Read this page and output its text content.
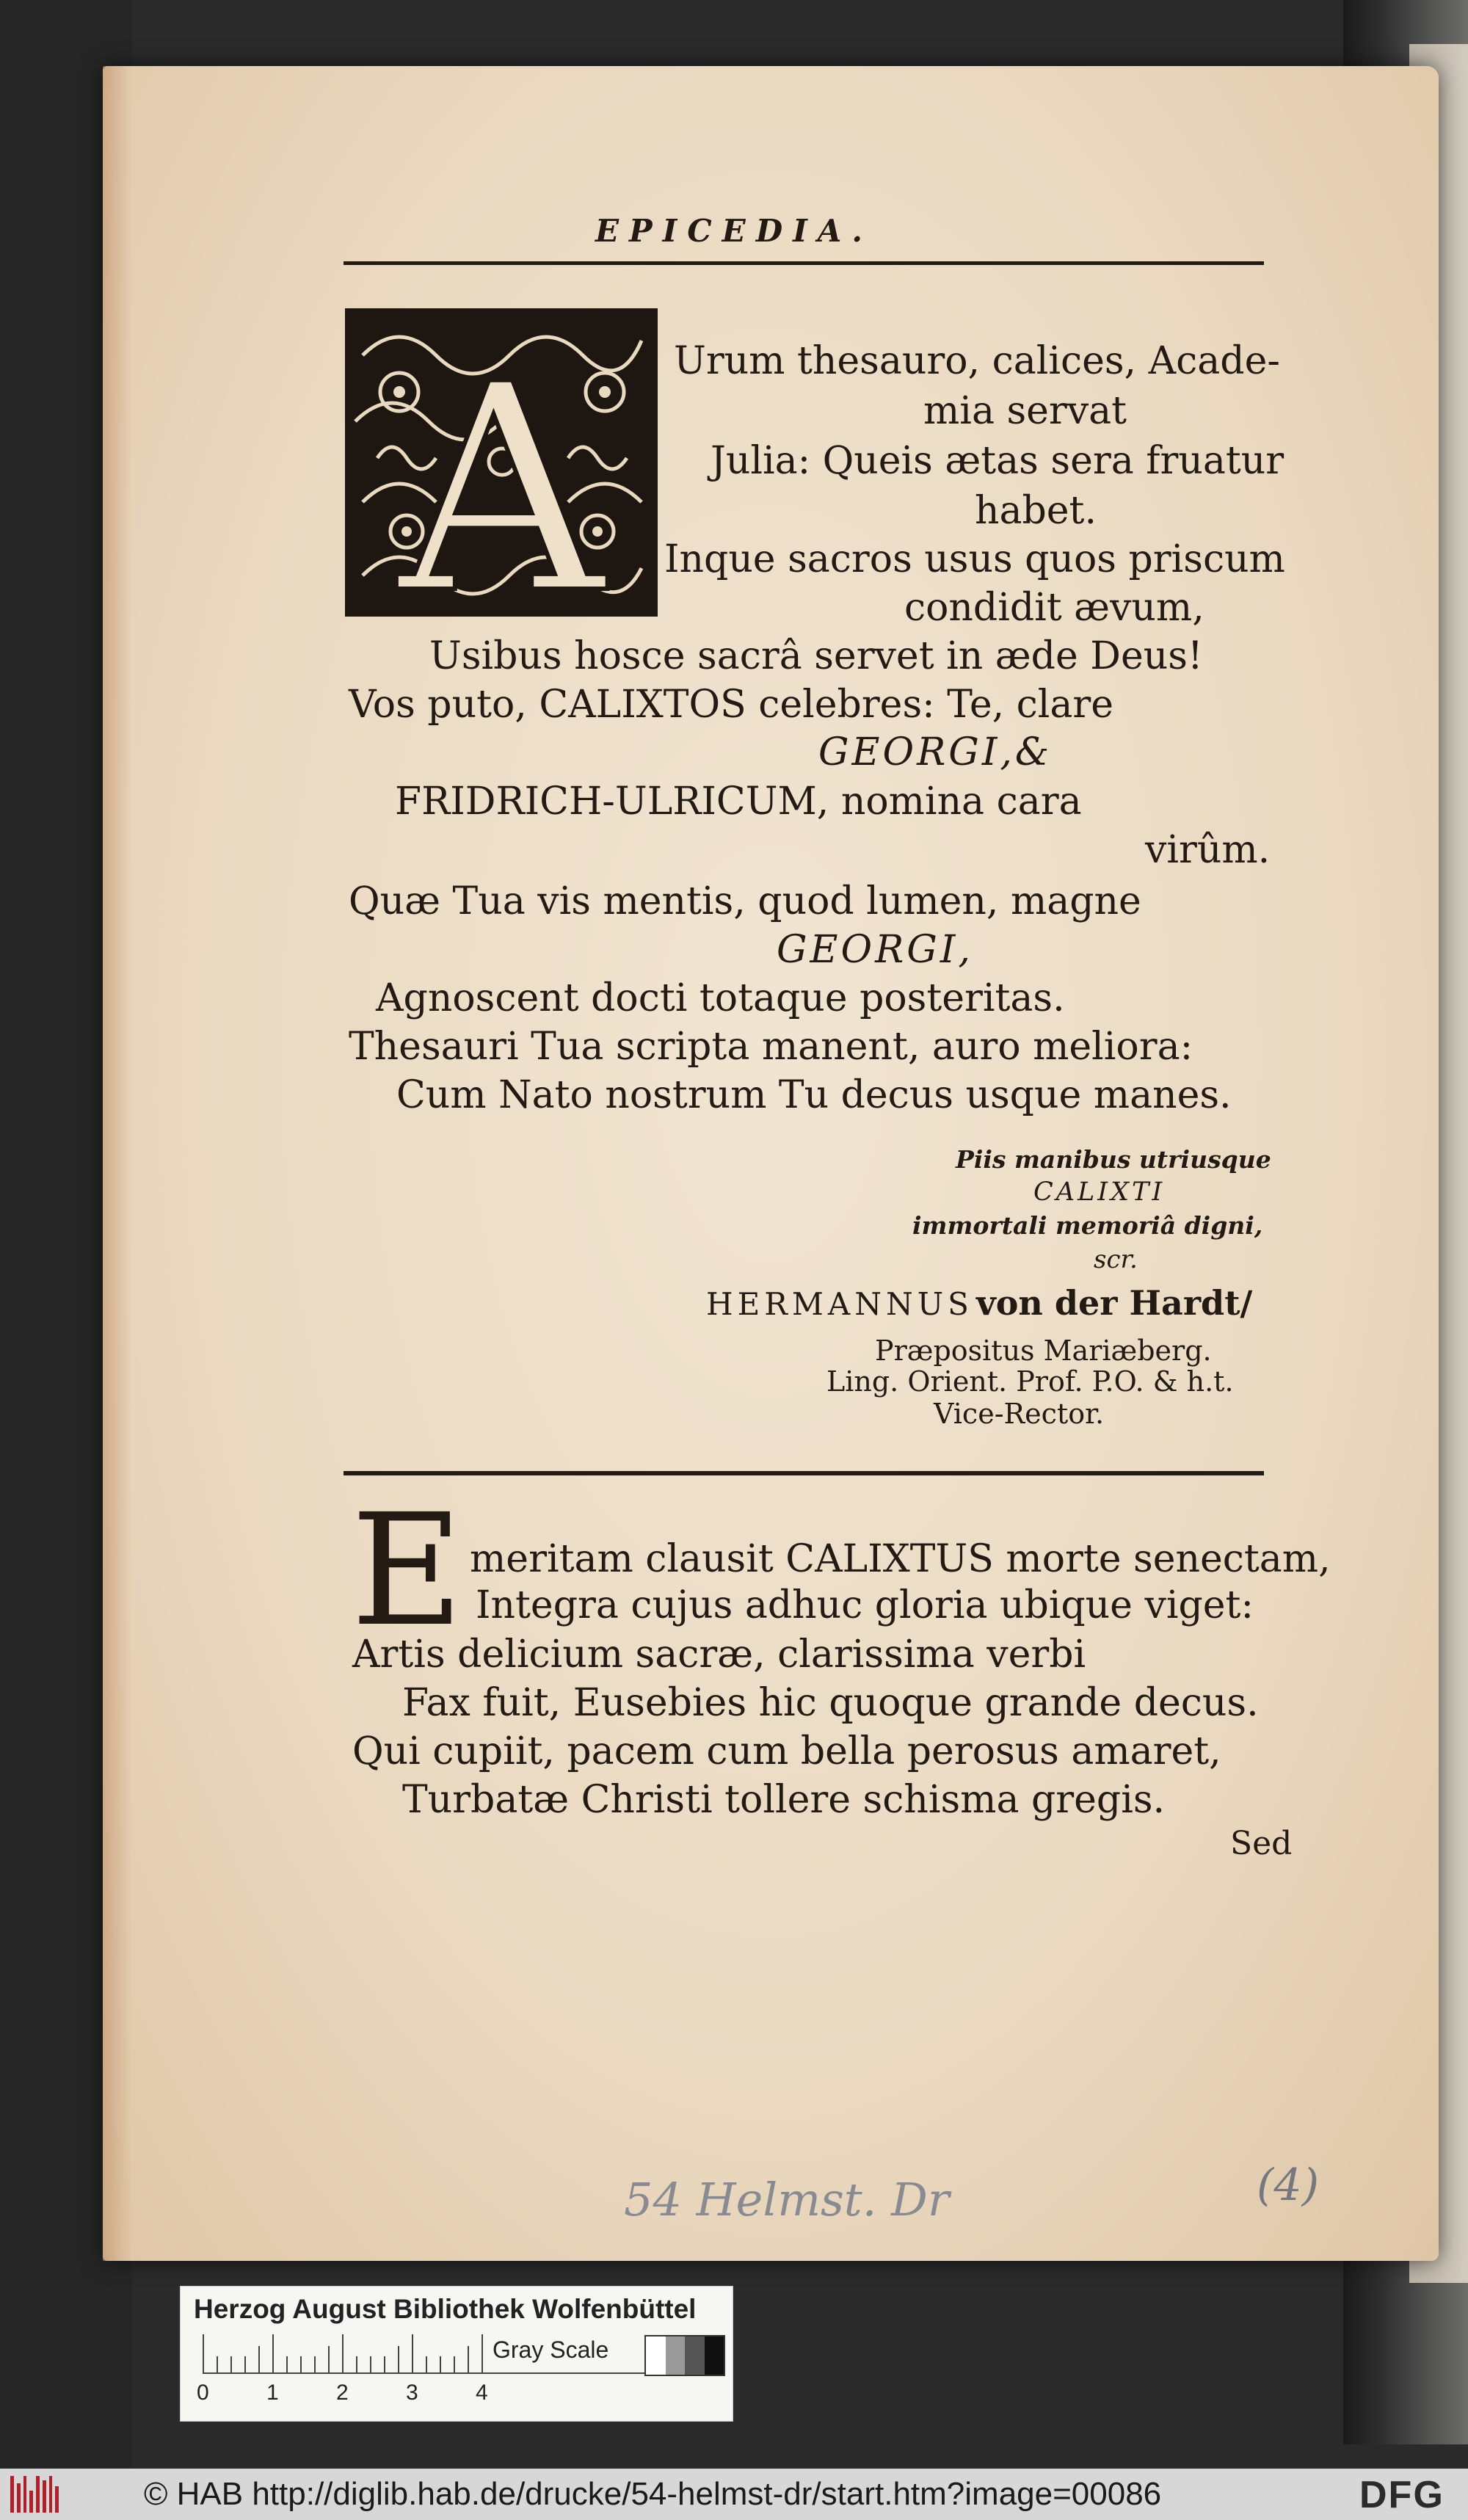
EPICEDIA.
A Urum thesauro, calices, Acade-
mia servat
Julia: Queis ætas sera fruatur
habet.
Inque sacros usus quos priscum
condidit ævum,
Usibus hosce sacrâ servet in æde Deus!
Vos puto, CALIXTOS celebres: Te, clare
GEORGI,&
FRIDRICH-ULRICUM, nomina cara
virûm.
Quæ Tua vis mentis, quod lumen, magne
GEORGI,
Agnoscent docti totaque posteritas.
Thesauri Tua scripta manent, auro meliora:
Cum Nato nostrum Tu decus usque manes.
Piis manibus utriusque
CALIXTI
immortali memoriâ digni,
scr.
HERMANNUS von der Hardt/
Præpositus Mariæberg.
Ling. Orient. Prof. P.O. & h.t.
Vice-Rector.
E meritam clausit CALIXTUS morte senectam,
Integra cujus adhuc gloria ubique viget:
Artis delicium sacræ, clarissima verbi
Fax fuit, Eusebies hic quoque grande decus.
Qui cupiit, pacem cum bella perosus amaret,
Turbatæ Christi tollere schisma gregis.
Sed
54 Helmst. Dr	(4)
Herzog August Bibliothek Wolfenbüttel
0	1	2	3	4
Gray Scale
© HAB http://diglib.hab.de/drucke/54-helmst-dr/start.htm?image=00086	DFG
